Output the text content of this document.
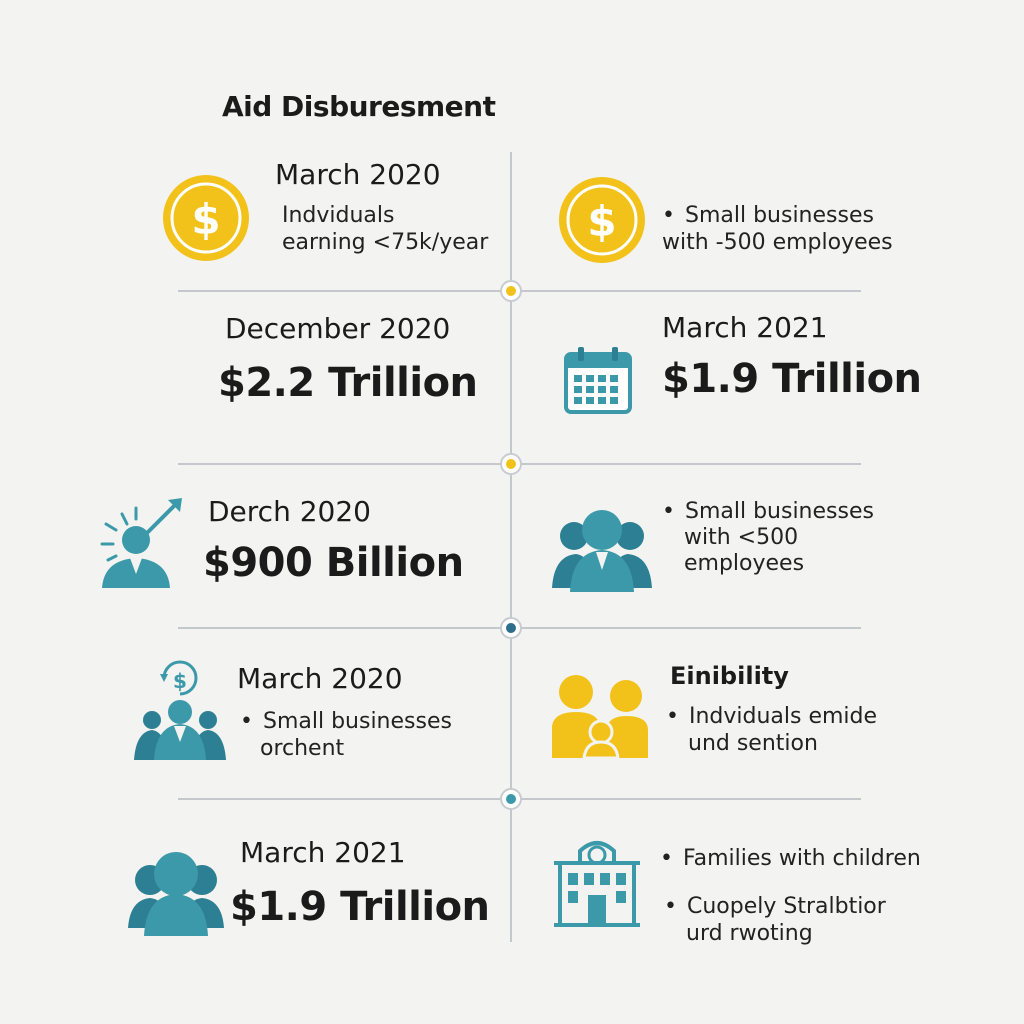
Aid Disburesment
$
March 2020
Indviduals
earning <75k/year $
•	Small businesses
with -500 employees
December 2020
$2.2 Trillion
March 2021
$1.9 Trillion
Derch 2020
$900 Billion
• Small businesses
with <500
employees
$ March 2020
• Small businesses
orchent
Einibility
• Indviduals emide
und sention
March 2021
$1.9 Trillion
• Families with children
• Cuopely Stralbtior
urd rwoting
